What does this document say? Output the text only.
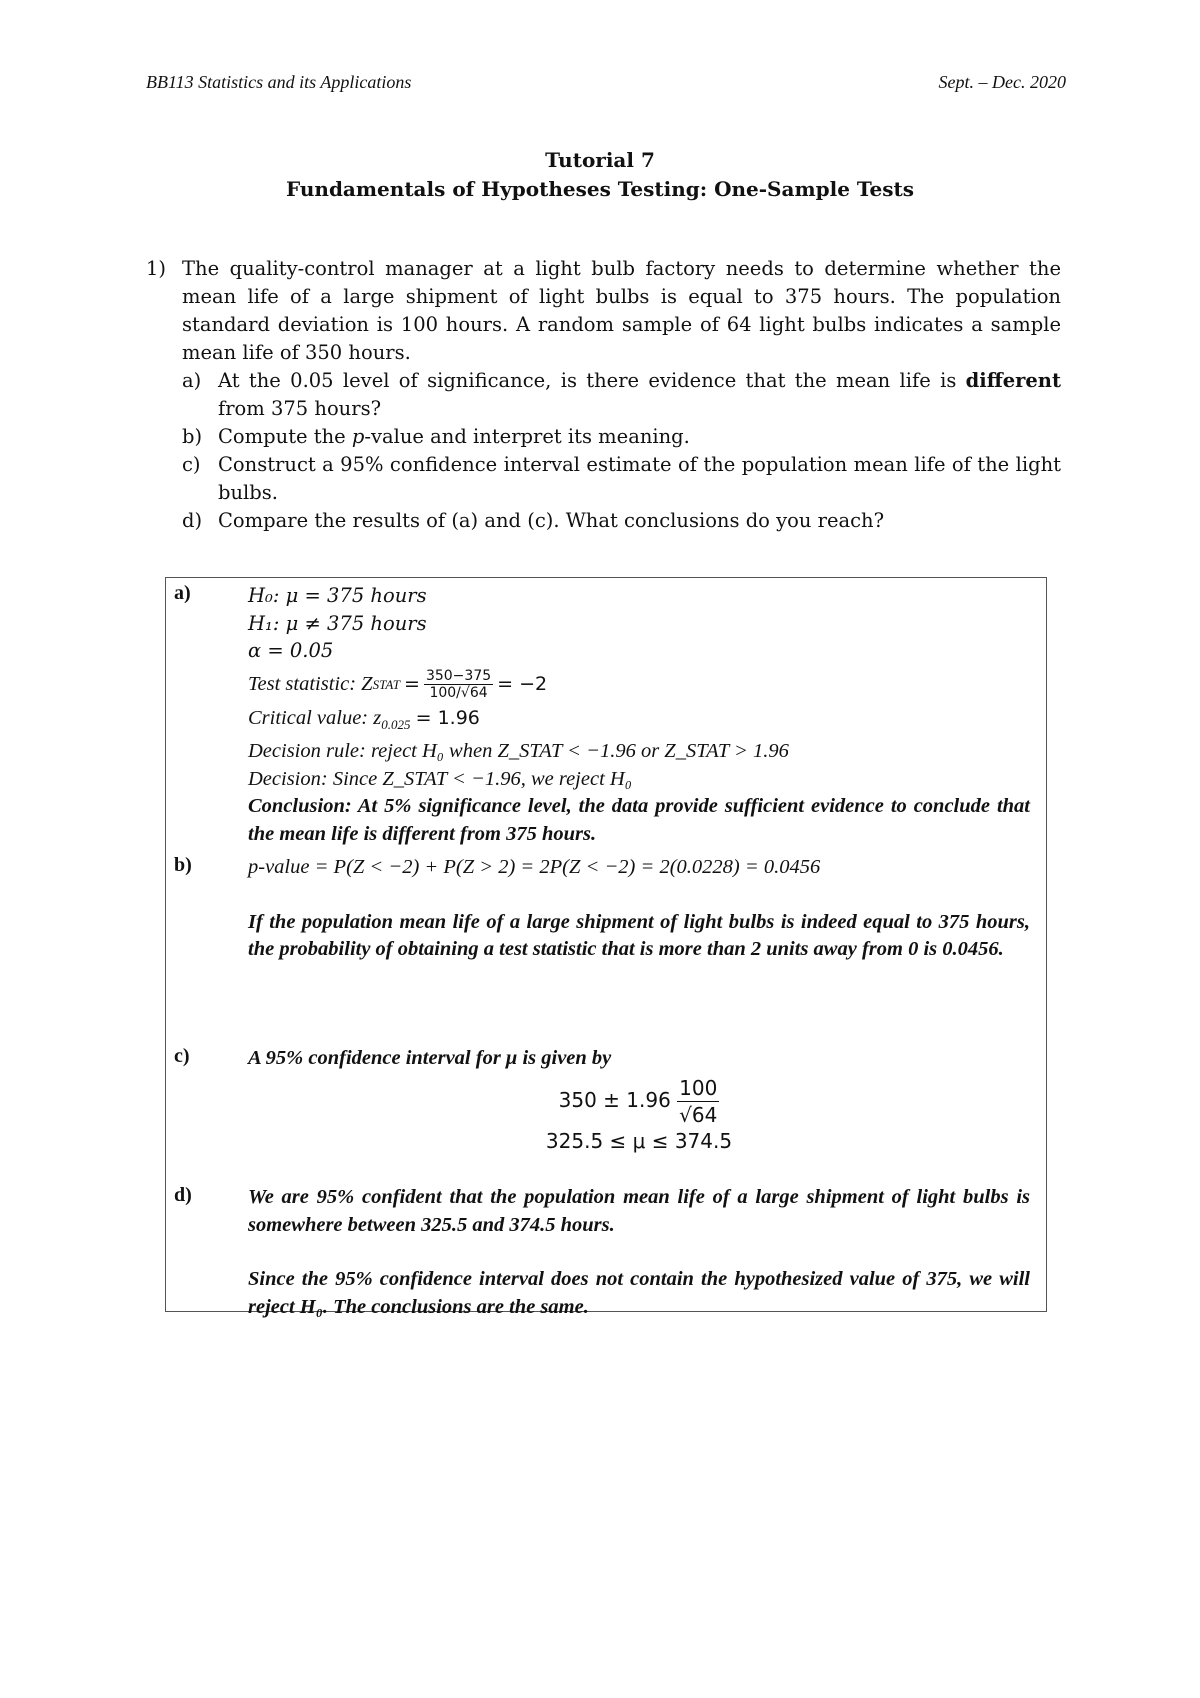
BB113 Statistics and its Applications	Sept. – Dec. 2020
Tutorial 7
Fundamentals of Hypotheses Testing: One-Sample Tests
1) The quality-control manager at a light bulb factory needs to determine whether the mean life of a large shipment of light bulbs is equal to 375 hours. The population standard deviation is 100 hours. A random sample of 64 light bulbs indicates a sample mean life of 350 hours.
a) At the 0.05 level of significance, is there evidence that the mean life is different from 375 hours?
b) Compute the p-value and interpret its meaning.
c) Construct a 95% confidence interval estimate of the population mean life of the light bulbs.
d) Compare the results of (a) and (c). What conclusions do you reach?
a)	H₀: μ = 375 hours
H₁: μ ≠ 375 hours
α = 0.05
Test statistic: Z STAT = $\frac{350-375}{100/√64} = -2$
Critical value: $z_{0.025} = 1.96$
Decision rule: reject H₀ when Z_STAT < −1.96 or Z_STAT > 1.96
Decision: Since Z_STAT < −1.96, we reject H₀
Conclusion: At 5% significance level, the data provide sufficient evidence to conclude that the mean life is different from 375 hours.
b)	p-value = P(Z < −2) + P(Z > 2) = 2P(Z < −2) = 2(0.0228) = 0.0456
If the population mean life of a large shipment of light bulbs is indeed equal to 375 hours, the probability of obtaining a test statistic that is more than 2 units away from 0 is 0.0456.
c)	A 95% confidence interval for μ is given by
$350 \pm 1.96 \frac{100}{√64}$
325.5 ≤ μ ≤ 374.5
d)	We are 95% confident that the population mean life of a large shipment of light bulbs is somewhere between 325.5 and 374.5 hours.
Since the 95% confidence interval does not contain the hypothesized value of 375, we will reject H₀. The conclusions are the same.
